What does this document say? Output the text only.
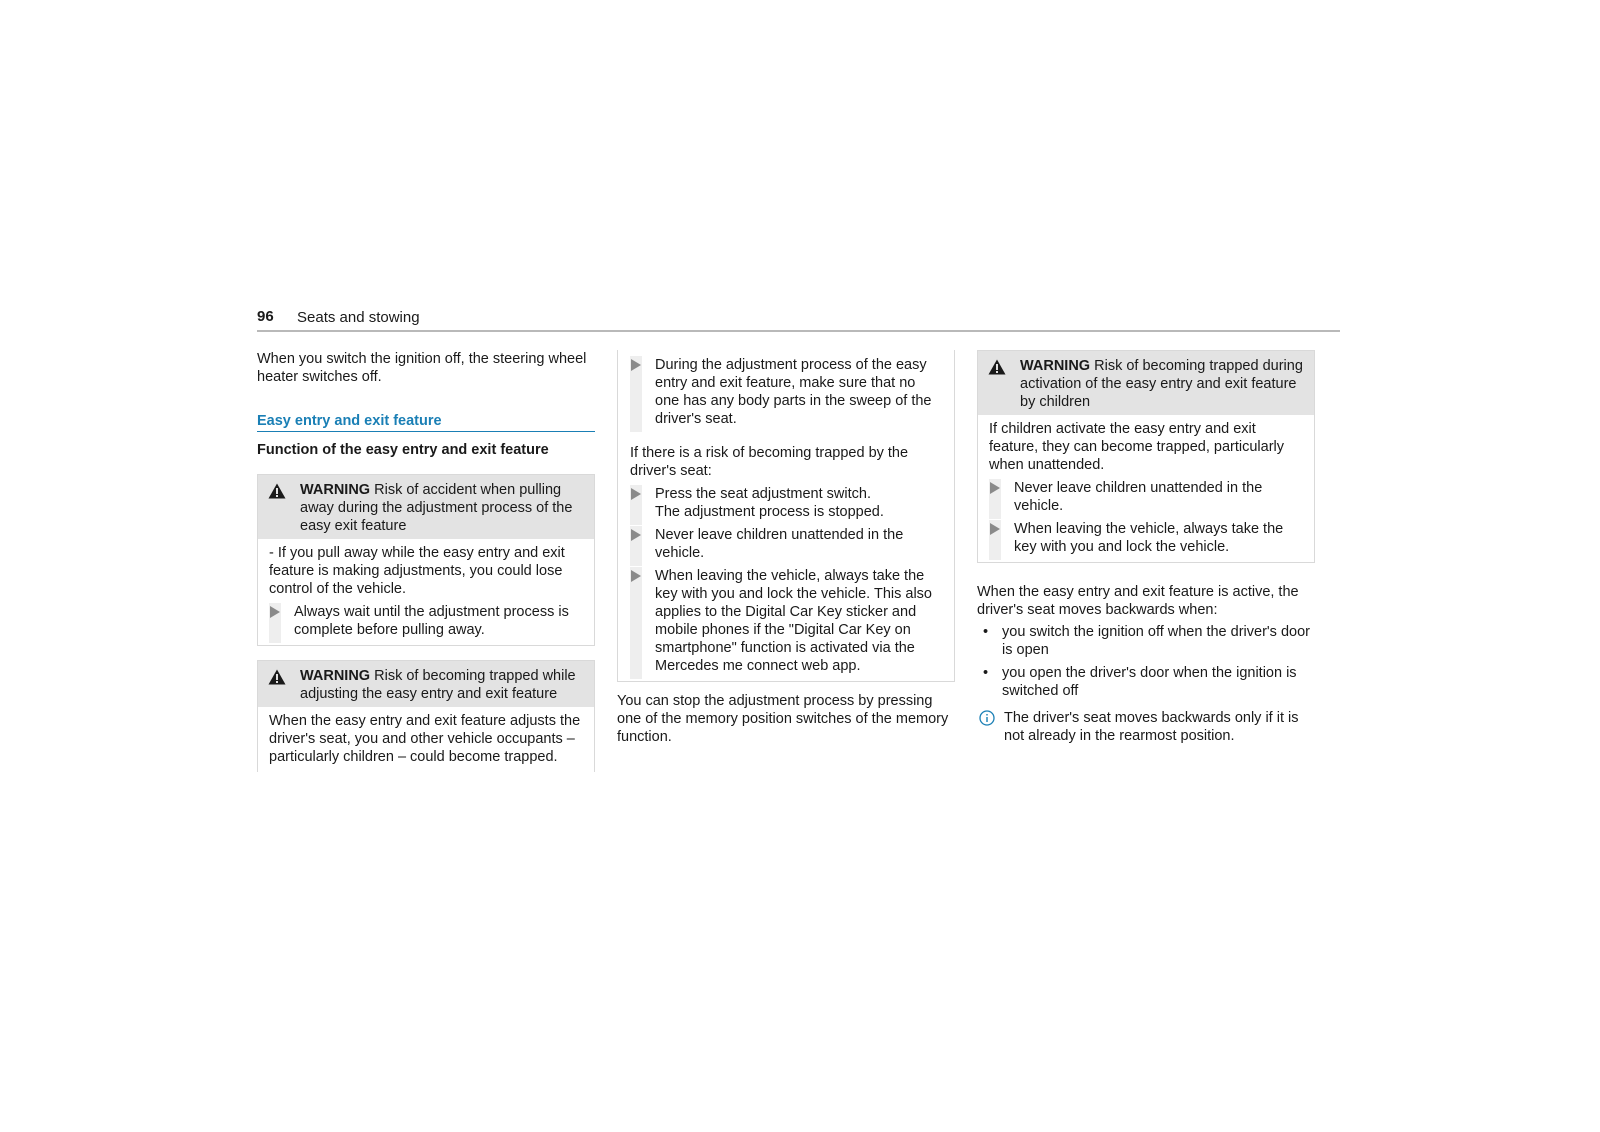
96 Seats and stowing

When you switch the ignition off, the steering wheel heater switches off.

Easy entry and exit feature
Function of the easy entry and exit feature
WARNING Risk of accident when pulling away during the adjustment process of the easy exit feature

- If you pull away while the easy entry and exit feature is making adjustments, you could lose control of the vehicle.

Always wait until the adjustment process is complete before pulling away.
WARNING Risk of becoming trapped while adjusting the easy entry and exit feature

When the easy entry and exit feature adjusts the driver's seat, you and other vehicle occupants – particularly children – could become trapped.

During the adjustment process of the easy entry and exit feature, make sure that no one has any body parts in the sweep of the driver's seat.

If there is a risk of becoming trapped by the driver's seat:

Press the seat adjustment switch.
The adjustment process is stopped.
Never leave children unattended in the vehicle.
When leaving the vehicle, always take the key with you and lock the vehicle. This also applies to the Digital Car Key sticker and mobile phones if the "Digital Car Key on smartphone" function is activated via the Mercedes me connect web app.

You can stop the adjustment process by pressing one of the memory position switches of the memory function.

WARNING Risk of becoming trapped during activation of the easy entry and exit feature by children

If children activate the easy entry and exit feature, they can become trapped, particularly when unattended.

Never leave children unattended in the vehicle.
When leaving the vehicle, always take the key with you and lock the vehicle.

When the easy entry and exit feature is active, the driver's seat moves backwards when:

• you switch the ignition off when the driver's door is open
• you open the driver's door when the ignition is switched off
The driver's seat moves backwards only if it is not already in the rearmost position.
